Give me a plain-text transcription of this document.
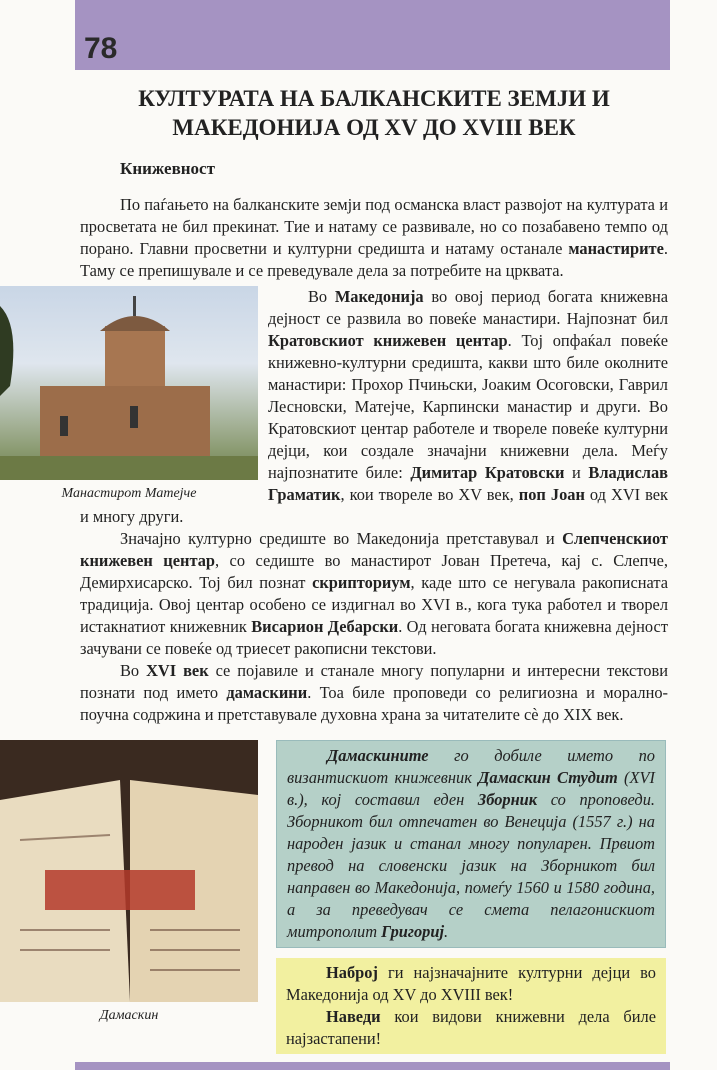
78
КУЛТУРАТА НА БАЛКАНСКИТЕ ЗЕМЈИ И
МАКЕДОНИЈА ОД XV ДО XVIII ВЕК
Книжевност
По паѓањето на балканските земји под османска власт развојот на културата и просветата не бил прекинат. Тие и натаму се развивале, но со позабавено темпо од порано. Главни просветни и културни средишта и натаму останале манастирите. Таму се препишувале и се преведувале дела за потребите на црквата.
Манастирот Матејче
Во Македонија во овој период богата книжевна дејност се развила во повеќе манастири. Најпознат бил Кратовскиот книжевен центар. Тој опфаќал повеќе книжевно-културни средишта, какви што биле околните манастири: Прохор Пчињски, Јоаким Осоговски, Гаврил Лесновски, Матејче, Карпински манастир и други. Во Кратовскиот центар работеле и твореле повеќе културни дејци, кои создале значајни книжевни дела. Меѓу најпознатите биле: Димитар Кратовски и Владислав Граматик, кои твореле во XV век, поп Јоан од XVI век и многу други.
Значајно културно средиште во Македонија претставувал и Слепченскиот книжевен центар, со седиште во манастирот Јован Претеча, кај с. Слепче, Демирхисарско. Тој бил познат скрипториум, каде што се негувала ракописната традиција. Овој центар особено се издигнал во XVI в., кога тука работел и творел истакнатиот книжевник Висарион Дебарски. Од неговата богата книжевна дејност зачувани се повеќе од триесет ракописни текстови.
Во XVI век се појавиле и станале многу популарни и интересни текстови познати под името дамаскини. Тоа биле проповеди со религиозна и морално-поучна содржина и претставувале духовна храна за читателите сè до XIX век.
Дамаскин
Дамаскините го добиле името по византискиот книжевник Дамаскин Студит (XVI в.), кој составил еден Зборник со проповеди. Зборникот бил отпечатен во Венеција (1557 г.) на народен јазик и станал многу популарен. Првиот превод на словенски јазик на Зборникот бил направен во Македонија, помеѓу 1560 и 1580 година, а за преведувач се смета пелагонискиот митрополит Григориј.
Наброј ги најзначајните културни дејци во Македонија од XV до XVIII век!
Наведи кои видови книжевни дела биле најзастапени!
